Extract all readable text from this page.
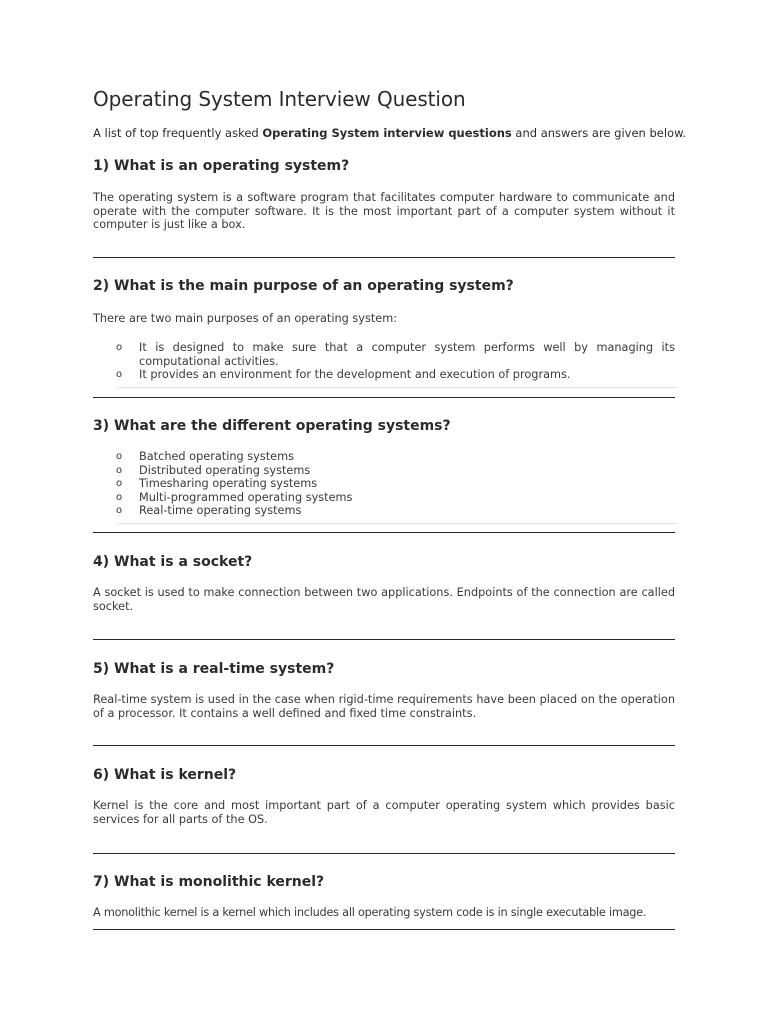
Operating System Interview Question

A list of top frequently asked Operating System interview questions and answers are given below.

1) What is an operating system?

The operating system is a software program that facilitates computer hardware to communicate and operate with the computer software. It is the most important part of a computer system without it computer is just like a box.

2) What is the main purpose of an operating system?

There are two main purposes of an operating system:

o It is designed to make sure that a computer system performs well by managing its computational activities.
o It provides an environment for the development and execution of programs.
3) What are the different operating systems?
o Batched operating systems
o Distributed operating systems
o Timesharing operating systems
o Multi-programmed operating systems
o Real-time operating systems
4) What is a socket?

A socket is used to make connection between two applications. Endpoints of the connection are called socket.

5) What is a real-time system?

Real-time system is used in the case when rigid-time requirements have been placed on the operation of a processor. It contains a well defined and fixed time constraints.

6) What is kernel?

Kernel is the core and most important part of a computer operating system which provides basic services for all parts of the OS.

7) What is monolithic kernel?

A monolithic kernel is a kernel which includes all operating system code is in single executable image.
